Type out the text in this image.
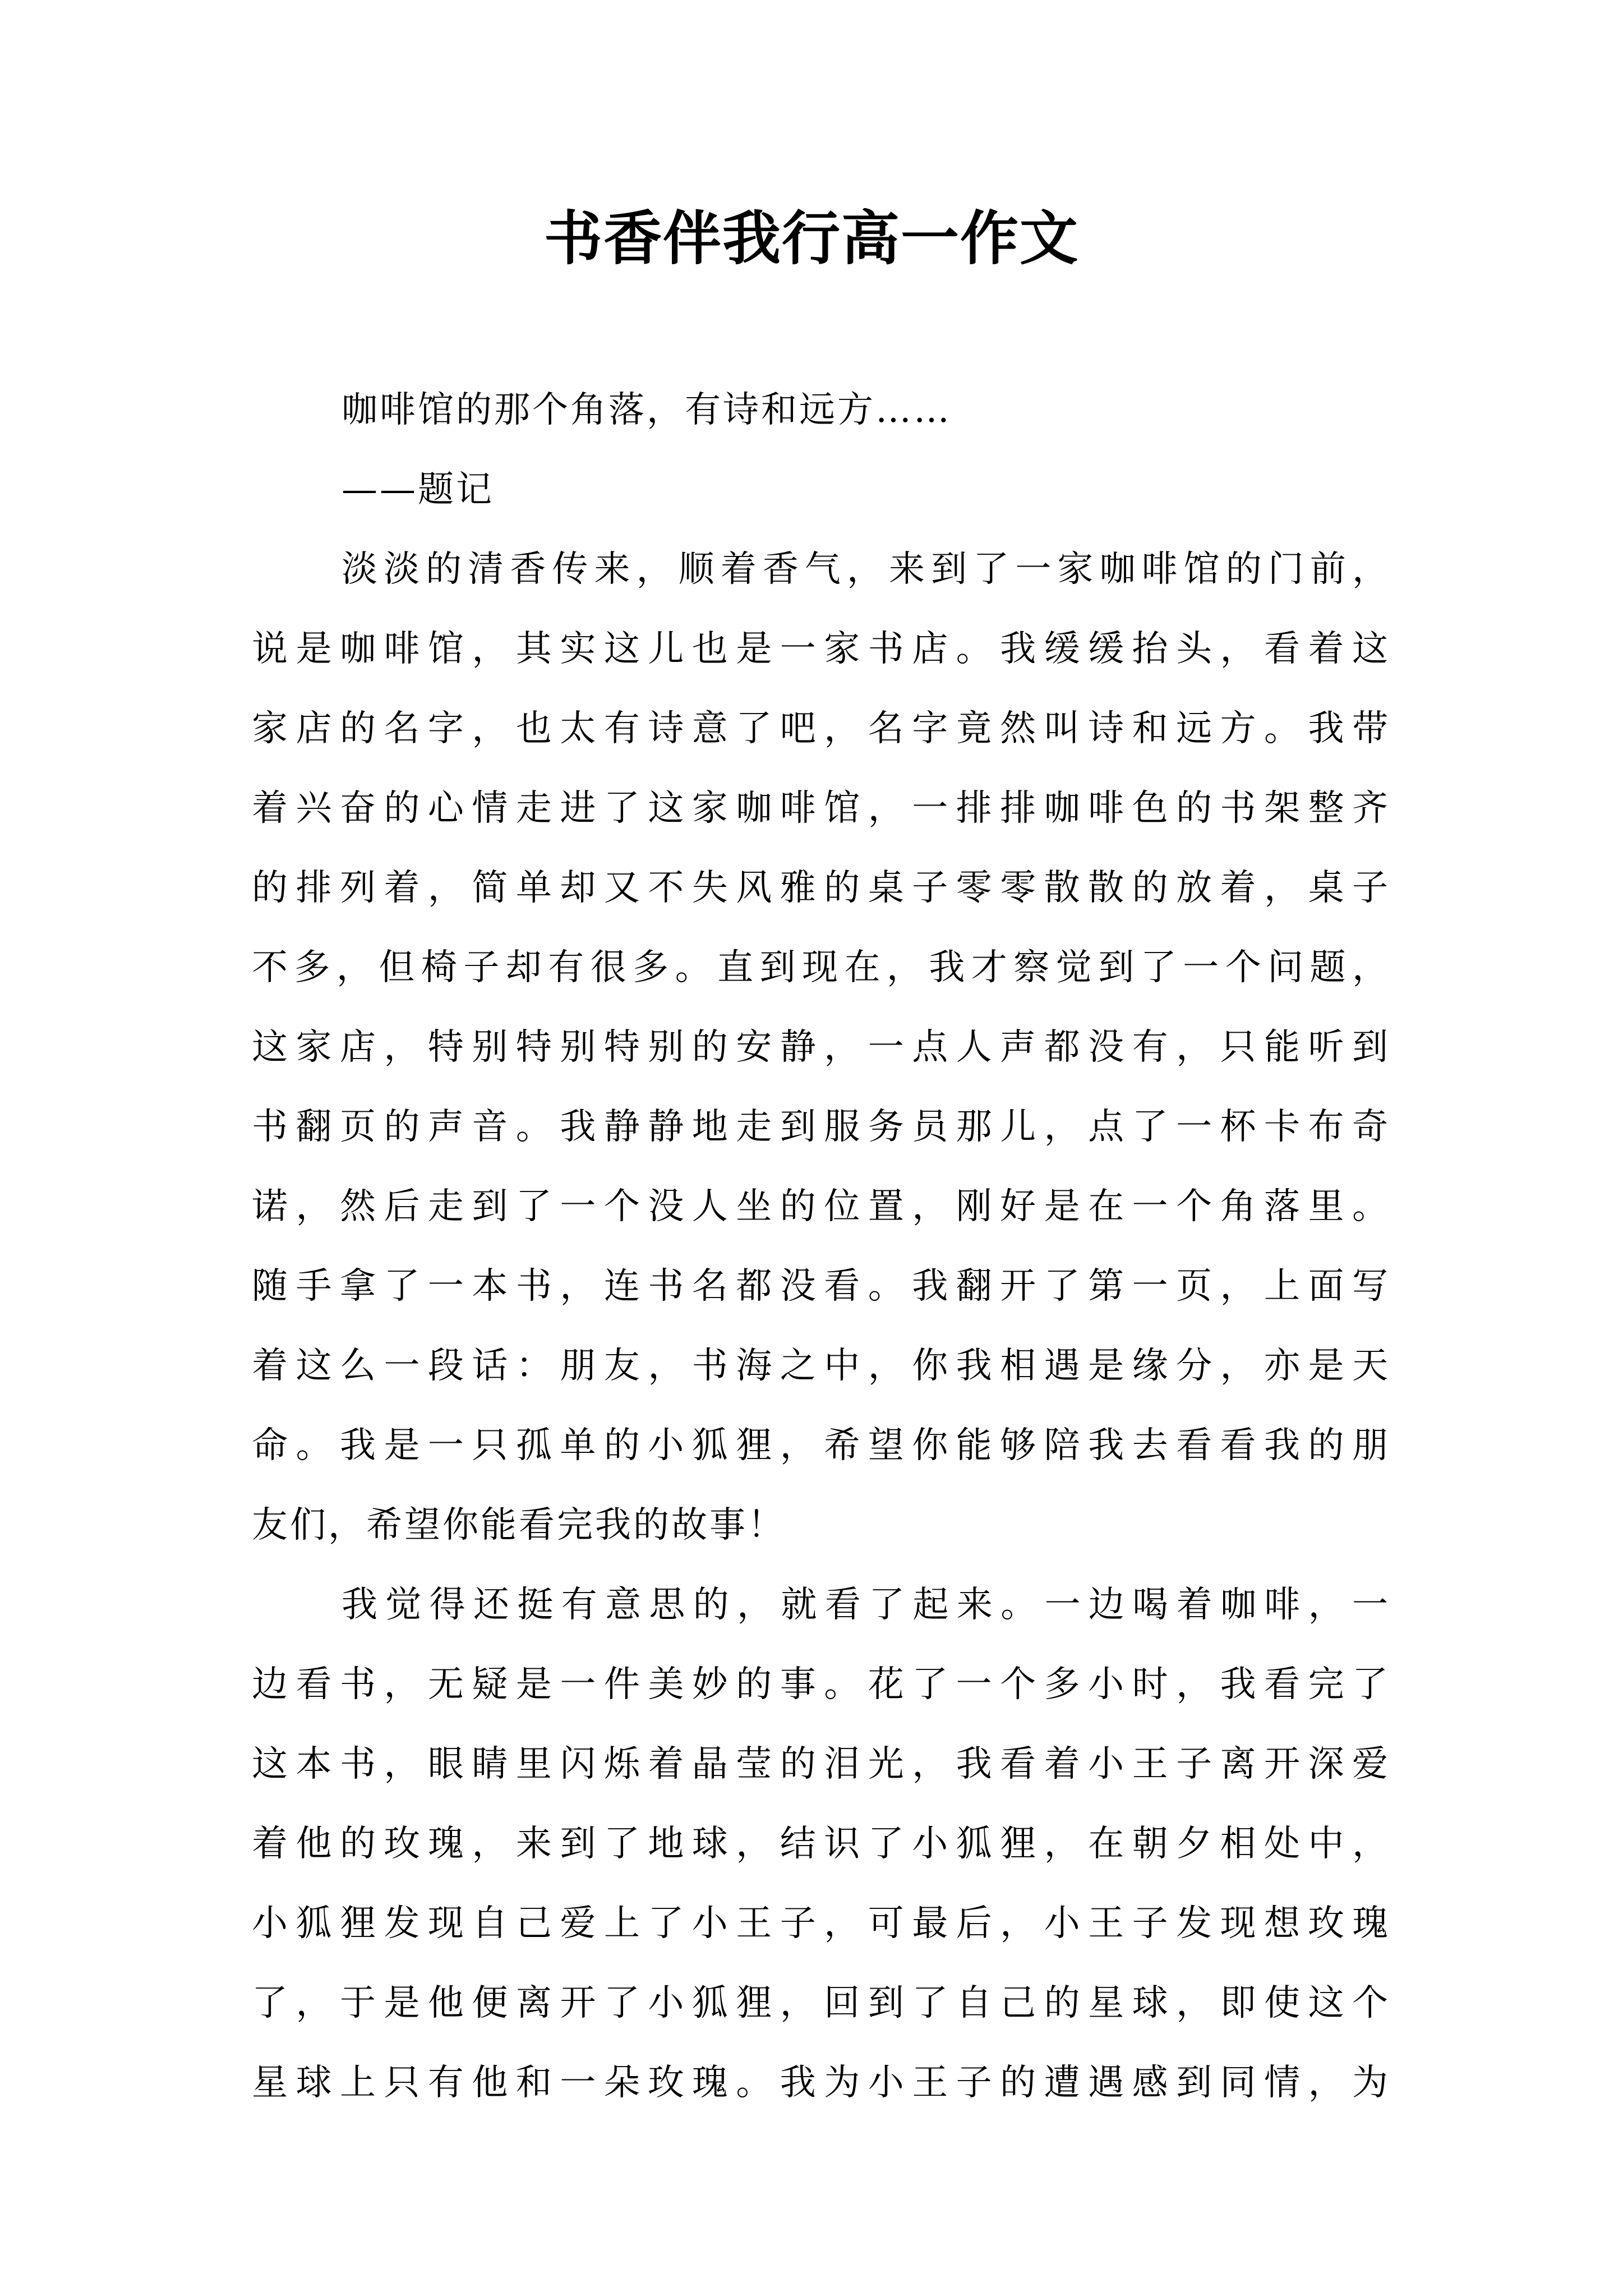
书香伴我行高一作文
咖啡馆的那个角落，有诗和远方……
——题记
淡淡的清香传来，顺着香气，来到了一家咖啡馆的门前，
说是咖啡馆，其实这儿也是一家书店。我缓缓抬头，看着这
家店的名字，也太有诗意了吧，名字竟然叫诗和远方。我带
着兴奋的心情走进了这家咖啡馆，一排排咖啡色的书架整齐
的排列着，简单却又不失风雅的桌子零零散散的放着，桌子
不多，但椅子却有很多。直到现在，我才察觉到了一个问题，
这家店，特别特别特别的安静，一点人声都没有，只能听到
书翻页的声音。我静静地走到服务员那儿，点了一杯卡布奇
诺，然后走到了一个没人坐的位置，刚好是在一个角落里。
随手拿了一本书，连书名都没看。我翻开了第一页，上面写
着这么一段话：朋友，书海之中，你我相遇是缘分，亦是天
命。我是一只孤单的小狐狸，希望你能够陪我去看看我的朋
友们，希望你能看完我的故事！
我觉得还挺有意思的，就看了起来。一边喝着咖啡，一
边看书，无疑是一件美妙的事。花了一个多小时，我看完了
这本书，眼睛里闪烁着晶莹的泪光，我看着小王子离开深爱
着他的玫瑰，来到了地球，结识了小狐狸，在朝夕相处中，
小狐狸发现自己爱上了小王子，可最后，小王子发现想玫瑰
了，于是他便离开了小狐狸，回到了自己的星球，即使这个
星球上只有他和一朵玫瑰。我为小王子的遭遇感到同情，为
